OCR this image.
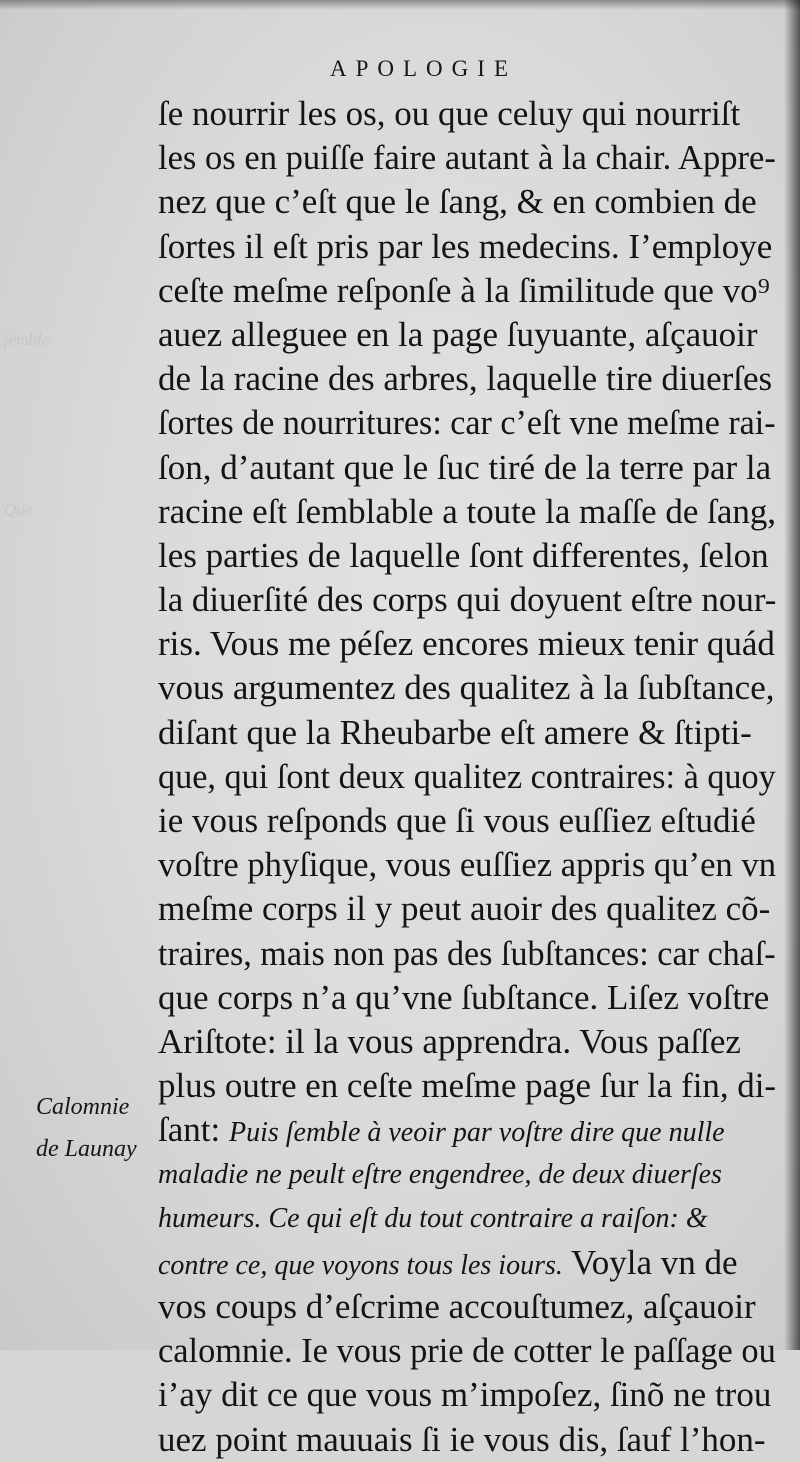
ſemble
Que
APOLOGIE
ſe nourrir les os, ou que celuy qui nourriſt
les os en puiſſe faire autant à la chair. Appre-
nez que c’eſt que le ſang, & en combien de
ſortes il eſt pris par les medecins. I’employe
ceſte meſme reſponſe à la ſimilitude que vo⁹
auez alleguee en la page ſuyuante, aſçauoir
de la racine des arbres, laquelle tire diuerſes
ſortes de nourritures: car c’eſt vne meſme rai-
ſon, d’autant que le ſuc tiré de la terre par la
racine eſt ſemblable a toute la maſſe de ſang,
les parties de laquelle ſont differentes, ſelon
la diuerſité des corps qui doyuent eſtre nour-
ris. Vous me péſez encores mieux tenir quád
vous argumentez des qualitez à la ſubſtance,
diſant que la Rheubarbe eſt amere & ſtipti-
que, qui ſont deux qualitez contraires: à quoy
ie vous reſponds que ſi vous euſſiez eſtudié
voſtre phyſique, vous euſſiez appris qu’en vn
meſme corps il y peut auoir des qualitez cõ-
traires, mais non pas des ſubſtances: car chaſ-
que corps n’a qu’vne ſubſtance. Liſez voſtre
Ariſtote: il la vous apprendra. Vous paſſez
plus outre en ceſte meſme page ſur la fin, di-
ſant: Puis ſemble à veoir par voſtre dire que nulle
maladie ne peult eſtre engendree, de deux diuerſes
humeurs. Ce qui eſt du tout contraire a raiſon: &
contre ce, que voyons tous les iours. Voyla vn de
vos coups d’eſcrime accouſtumez, aſçauoir
calomnie. Ie vous prie de cotter le paſſage ou
i’ay dit ce que vous m’impoſez, ſinõ ne trou
uez point mauuais ſi ie vous dis, ſauf l’hon-
Calomnie
de Launay
